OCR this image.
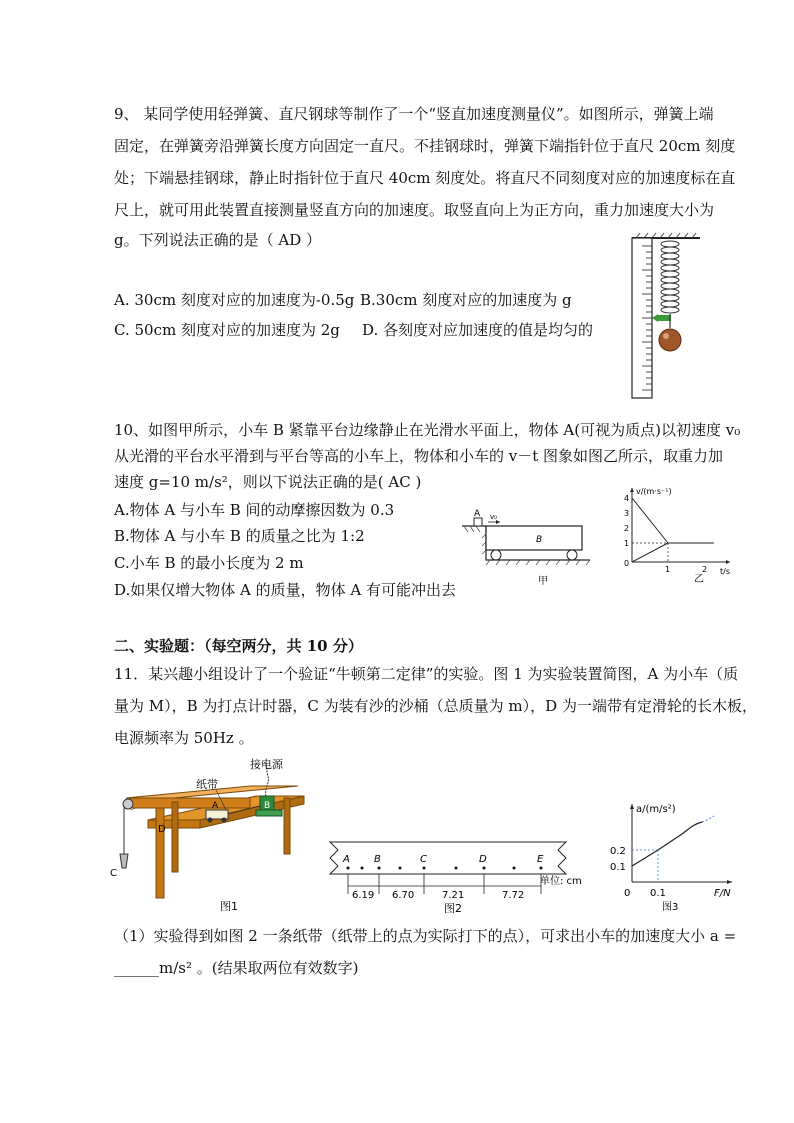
9、 某同学使用轻弹簧、直尺钢球等制作了一个“竖直加速度测量仪”。如图所示，弹簧上端
固定，在弹簧旁沿弹簧长度方向固定一直尺。不挂钢球时，弹簧下端指针位于直尺 20cm 刻度
处；下端悬挂钢球，静止时指针位于直尺 40cm 刻度处。将直尺不同刻度对应的加速度标在直
尺上，就可用此装置直接测量竖直方向的加速度。取竖直向上为正方向，重力加速度大小为
g。下列说法正确的是（ AD ）
A. 30cm 刻度对应的加速度为-0.5g B.30cm 刻度对应的加速度为 g
C. 50cm 刻度对应的加速度为 2g D. 各刻度对应加速度的值是均匀的
10、如图甲所示，小车 B 紧靠平台边缘静止在光滑水平面上，物体 A(可视为质点)以初速度 v₀
从光滑的平台水平滑到与平台等高的小车上，物体和小车的 v－t 图象如图乙所示，取重力加
速度 g=10 m/s²，则以下说法正确的是( AC )
A.物体 A 与小车 B 间的动摩擦因数为 0.3
B.物体 A 与小车 B 的质量之比为 1:2
C.小车 B 的最小长度为 2 m
D.如果仅增大物体 A 的质量，物体 A 有可能冲出去
A v₀
B
甲
v/(m·s⁻¹)
t/s
4
3
2
1
0
1	2
乙
二、实验题：（每空两分，共 10 分）
11．某兴趣小组设计了一个验证“牛顿第二定律”的实验。图 1 为实验装置简图，A 为小车（质
量为 M），B 为打点计时器，C 为装有沙的沙桶（总质量为 m），D 为一端带有定滑轮的长木板，
电源频率为 50Hz 。
D
C
A	B
接电源
纸带
图1
A B	C	D	E
6.19 6.70	7.21	7.72
单位: cm
图2
a/(m/s²)
F/N
0.2
0.1
0 0.1
图3
（1）实验得到如图 2 一条纸带（纸带上的点为实际打下的点），可求出小车的加速度大小 a =
______m/s² 。(结果取两位有效数字)
